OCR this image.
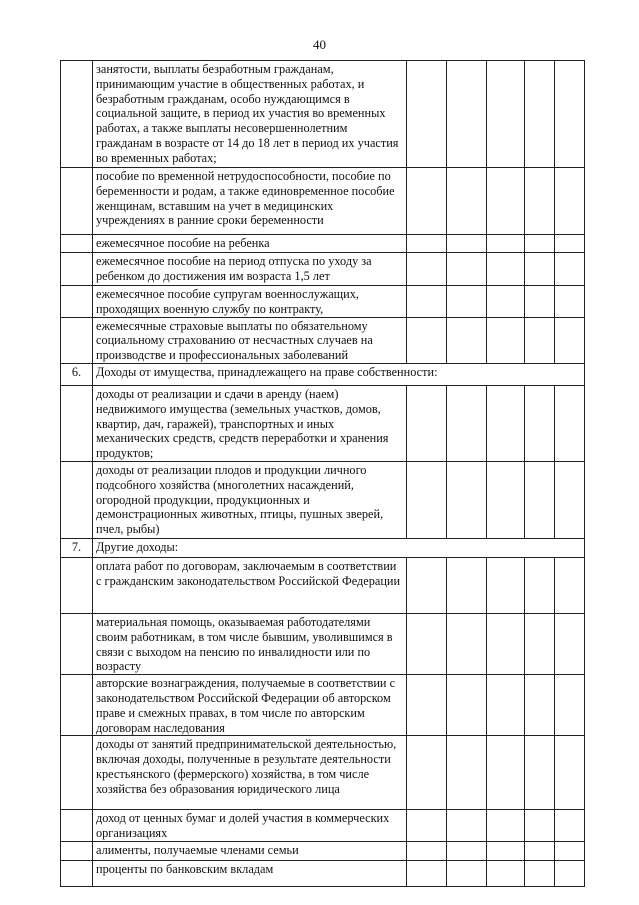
40
	занятости, выплаты безработным гражданам, принимающим участие в общественных работах, и безработным гражданам, особо нуждающимся в социальной защите, в период их участия во временных работах, а также выплаты несовершеннолетним гражданам в возрасте от 14 до 18 лет в период их участия во временных работах;					
	пособие по временной нетрудоспособности, пособие по беременности и родам, а также единовременное пособие женщинам, вставшим на учет в медицинских учреждениях в ранние сроки беременности					
	ежемесячное пособие на ребенка					
	ежемесячное пособие на период отпуска по уходу за ребенком до достижения им возраста 1,5 лет					
	ежемесячное пособие супругам военнослужащих, проходящих военную службу по контракту,					
	ежемесячные страховые выплаты по обязательному социальному страхованию от несчастных случаев на производстве и профессиональных заболеваний					
6.	Доходы от имущества, принадлежащего на праве собственности:					
	доходы от реализации и сдачи в аренду (наем) недвижимого имущества (земельных участков, домов, квартир, дач, гаражей), транспортных и иных механических средств, средств переработки и хранения продуктов;					
	доходы от реализации плодов и продукции личного подсобного хозяйства (многолетних насаждений, огородной продукции, продукционных и демонстрационных животных, птицы, пушных зверей, пчел, рыбы)					
7.	Другие доходы:					
	оплата работ по договорам, заключаемым в соответствии с гражданским законодательством Российской Федерации					
	материальная помощь, оказываемая работодателями своим работникам, в том числе бывшим, уволившимся в связи с выходом на пенсию по инвалидности или по возрасту					
	авторские вознаграждения, получаемые в соответствии с законодательством Российской Федерации об авторском праве и смежных правах, в том числе по авторским договорам наследования					
	доходы от занятий предпринимательской деятельностью, включая доходы, полученные в результате деятельности крестьянского (фермерского) хозяйства, в том числе хозяйства без образования юридического лица					
	доход от ценных бумаг и долей участия в коммерческих организациях					
	алименты, получаемые членами семьи					
	проценты по банковским вкладам					
